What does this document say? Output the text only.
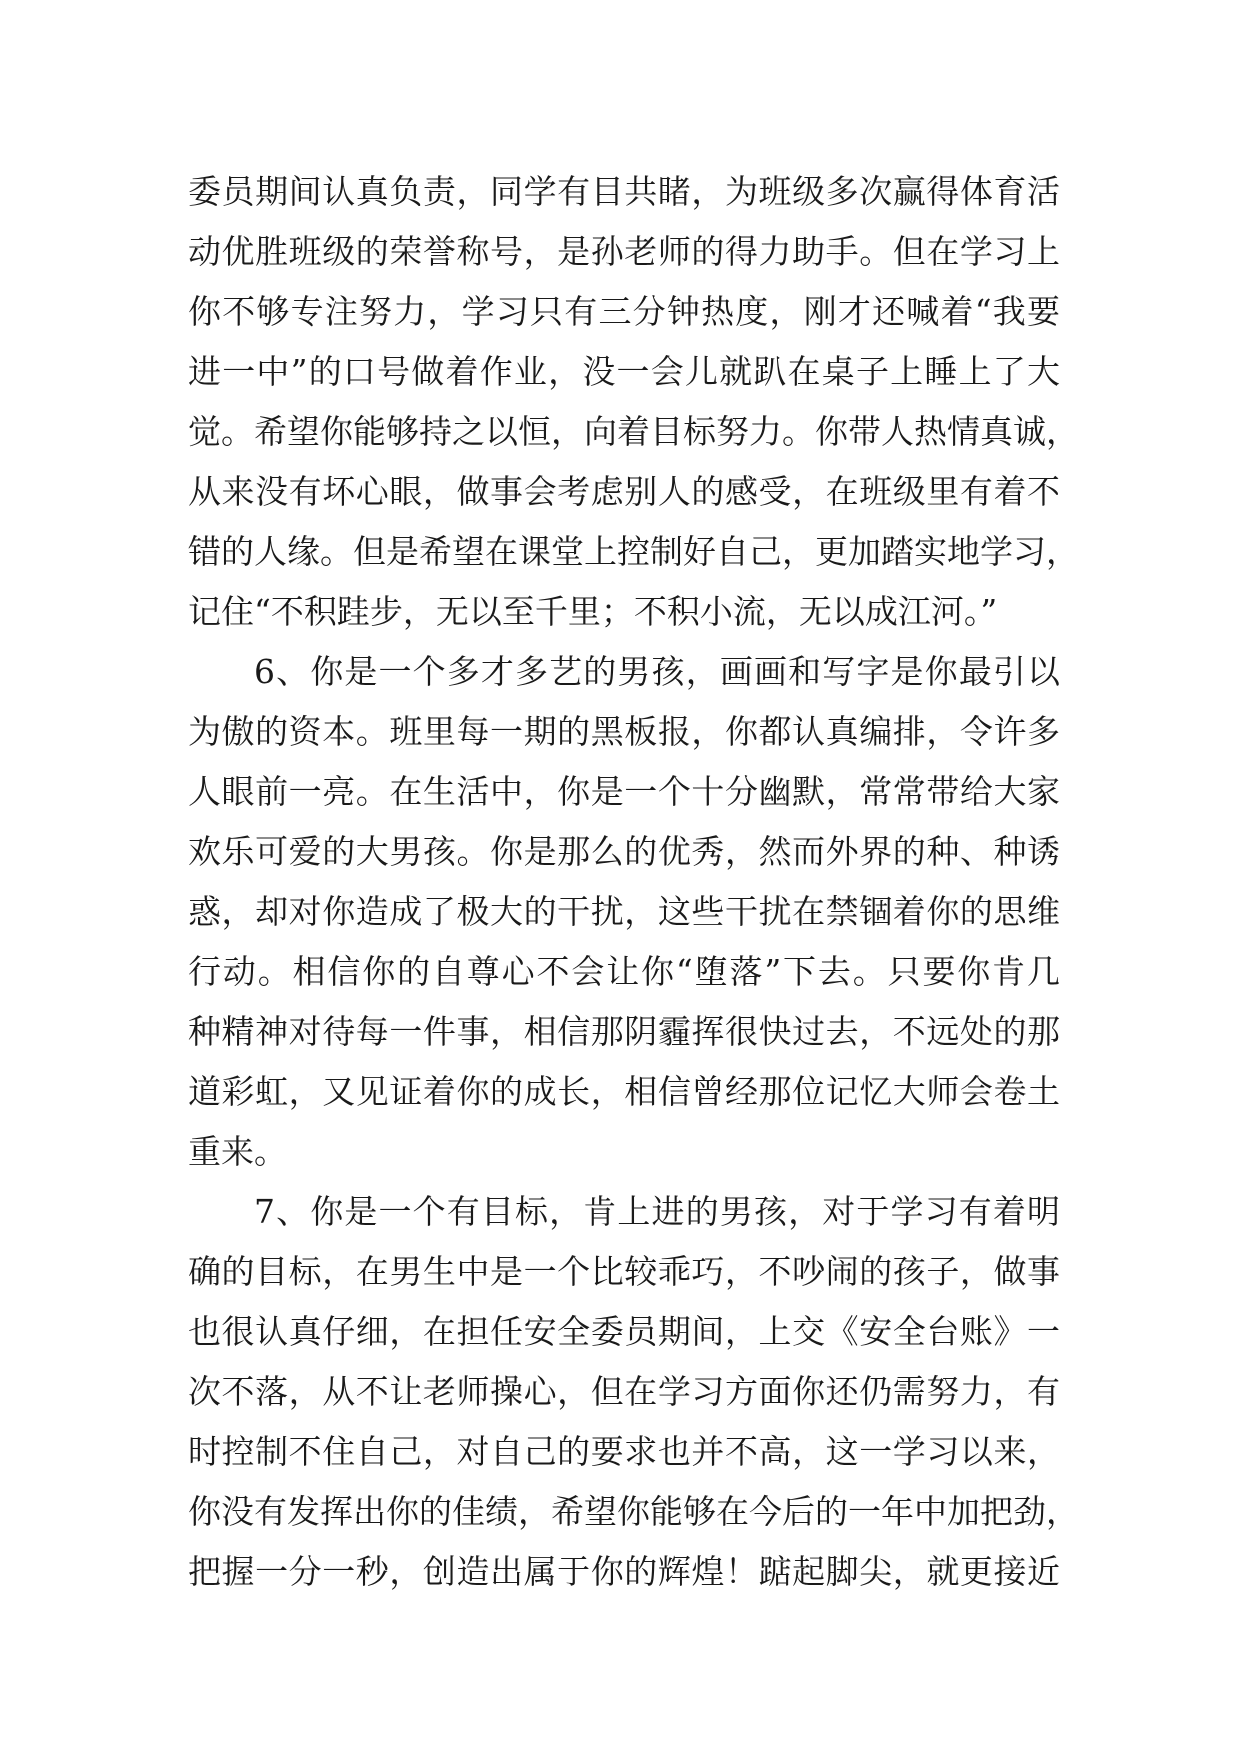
委员期间认真负责，同学有目共睹，为班级多次赢得体育活
动优胜班级的荣誉称号，是孙老师的得力助手。但在学习上
你不够专注努力，学习只有三分钟热度，刚才还喊着“我要
进一中”的口号做着作业，没一会儿就趴在桌子上睡上了大
觉。希望你能够持之以恒，向着目标努力。你带人热情真诚，
从来没有坏心眼，做事会考虑别人的感受，在班级里有着不
错的人缘。但是希望在课堂上控制好自己，更加踏实地学习，
记住“不积跬步，无以至千里；不积小流，无以成江河。”
6、你是一个多才多艺的男孩，画画和写字是你最引以
为傲的资本。班里每一期的黑板报，你都认真编排，令许多
人眼前一亮。在生活中，你是一个十分幽默，常常带给大家
欢乐可爱的大男孩。你是那么的优秀，然而外界的种、种诱
惑，却对你造成了极大的干扰，这些干扰在禁锢着你的思维
行动。相信你的自尊心不会让你“堕落”下去。只要你肯几
种精神对待每一件事，相信那阴霾挥很快过去，不远处的那
道彩虹，又见证着你的成长，相信曾经那位记忆大师会卷土
重来。
7、你是一个有目标，肯上进的男孩，对于学习有着明
确的目标，在男生中是一个比较乖巧，不吵闹的孩子，做事
也很认真仔细，在担任安全委员期间，上交《安全台账》一
次不落，从不让老师操心，但在学习方面你还仍需努力，有
时控制不住自己，对自己的要求也并不高，这一学习以来，
你没有发挥出你的佳绩，希望你能够在今后的一年中加把劲，
把握一分一秒，创造出属于你的辉煌！踮起脚尖，就更接近
